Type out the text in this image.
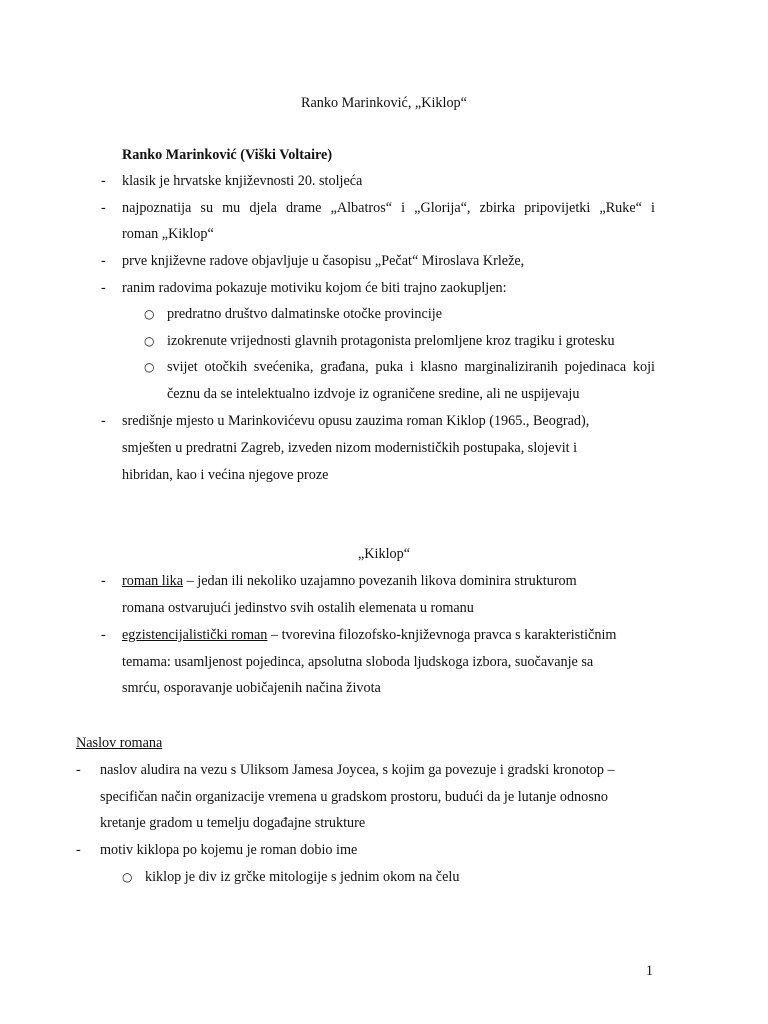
Ranko Marinković, „Kiklop“
Ranko Marinković (Viški Voltaire)
- klasik je hrvatske književnosti 20. stoljeća
- najpoznatija su mu djela drame „Albatros“ i „Glorija“, zbirka pripovijetki „Ruke“ i
roman „Kiklop“
- prve književne radove objavljuje u časopisu „Pečat“ Miroslava Krleže,
- ranim radovima pokazuje motiviku kojom će biti trajno zaokupljen:
○ predratno društvo dalmatinske otočke provincije
○ izokrenute vrijednosti glavnih protagonista prelomljene kroz tragiku i grotesku
○ svijet otočkih svećenika, građana, puka i klasno marginaliziranih pojedinaca koji
čeznu da se intelektualno izdvoje iz ograničene sredine, ali ne uspijevaju
- središnje mjesto u Marinkovićevu opusu zauzima roman Kiklop (1965., Beograd),
smješten u predratni Zagreb, izveden nizom modernističkih postupaka, slojevit i
hibridan, kao i većina njegove proze
„Kiklop“
- roman lika – jedan ili nekoliko uzajamno povezanih likova dominira strukturom
romana ostvarujući jedinstvo svih ostalih elemenata u romanu
- egzistencijalistički roman – tvorevina filozofsko-književnoga pravca s karakterističnim
temama: usamljenost pojedinca, apsolutna sloboda ljudskoga izbora, suočavanje sa
smrću, osporavanje uobičajenih načina života
Naslov romana
- naslov aludira na vezu s Uliksom Jamesa Joycea, s kojim ga povezuje i gradski kronotop –
specifičan način organizacije vremena u gradskom prostoru, budući da je lutanje odnosno
kretanje gradom u temelju događajne strukture
- motiv kiklopa po kojemu je roman dobio ime
○ kiklop je div iz grčke mitologije s jednim okom na čelu
1
